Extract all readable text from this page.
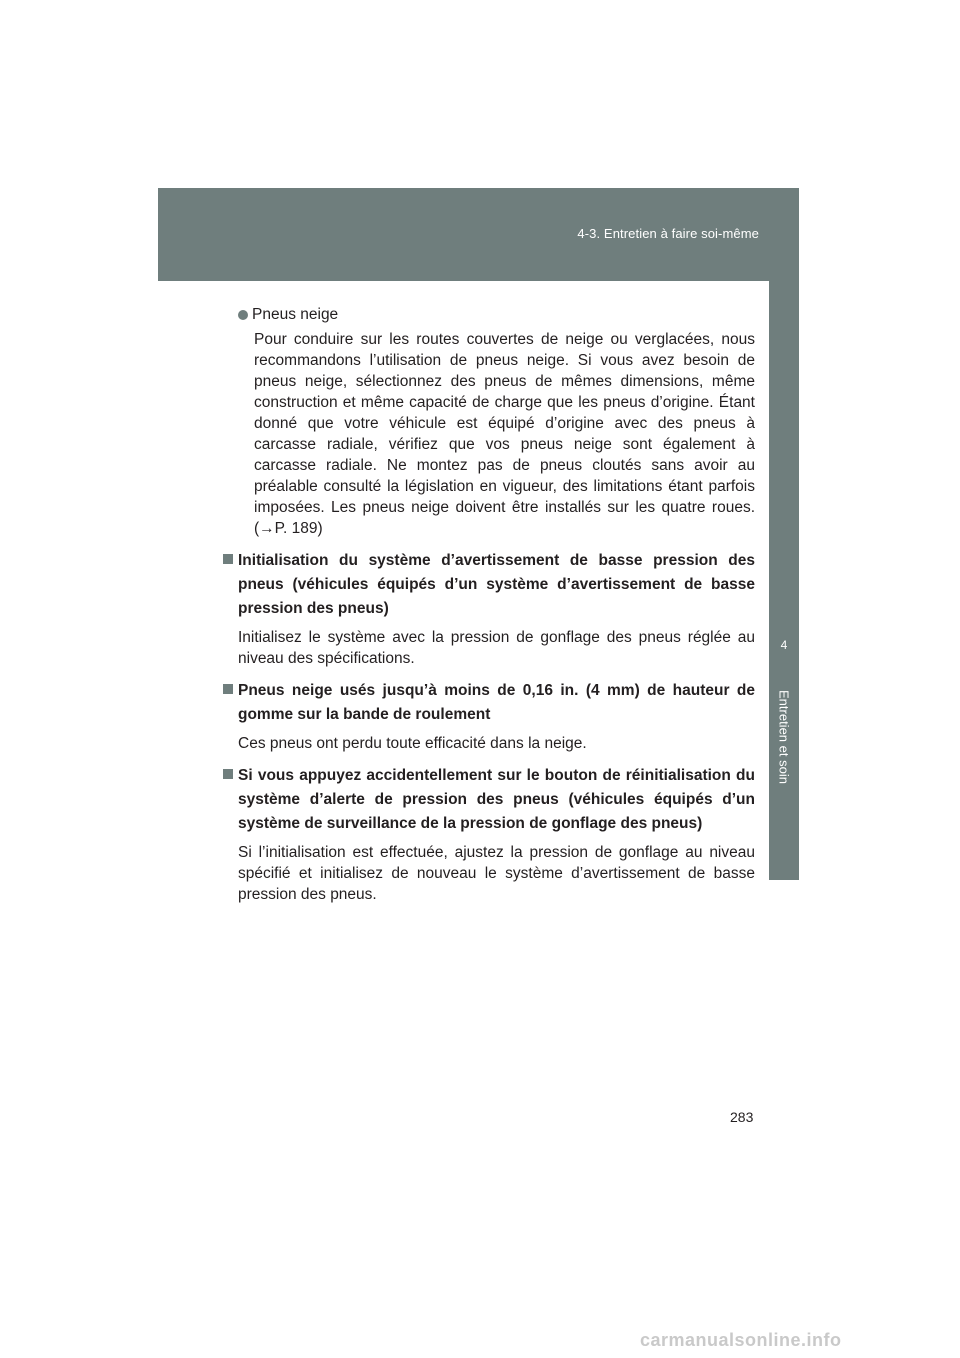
4-3. Entretien à faire soi-même
4
Entretien et soin
Pneus neige

Pour conduire sur les routes couvertes de neige ou verglacées, nous recommandons l’utilisation de pneus neige. Si vous avez besoin de pneus neige, sélectionnez des pneus de mêmes dimensions, même construction et même capacité de charge que les pneus d’origine. Étant donné que votre véhicule est équipé d’origine avec des pneus à carcasse radiale, vérifiez que vos pneus neige sont également à carcasse radiale. Ne montez pas de pneus cloutés sans avoir au préalable consulté la législation en vigueur, des limitations étant parfois imposées. Les pneus neige doivent être installés sur les quatre roues. (→P. 189)

Initialisation du système d’avertissement de basse pression des pneus (véhicules équipés d’un système d’avertissement de basse pression des pneus)
Initialisez le système avec la pression de gonflage des pneus réglée au niveau des spécifications.
Pneus neige usés jusqu’à moins de 0,16 in. (4 mm) de hauteur de gomme sur la bande de roulement
Ces pneus ont perdu toute efficacité dans la neige.
Si vous appuyez accidentellement sur le bouton de réinitialisation du système d’alerte de pression des pneus (véhicules équipés d’un système de surveillance de la pression de gonflage des pneus)
Si l’initialisation est effectuée, ajustez la pression de gonflage au niveau spécifié et initialisez de nouveau le système d’avertissement de basse pression des pneus.
283
carmanualsonline.info
